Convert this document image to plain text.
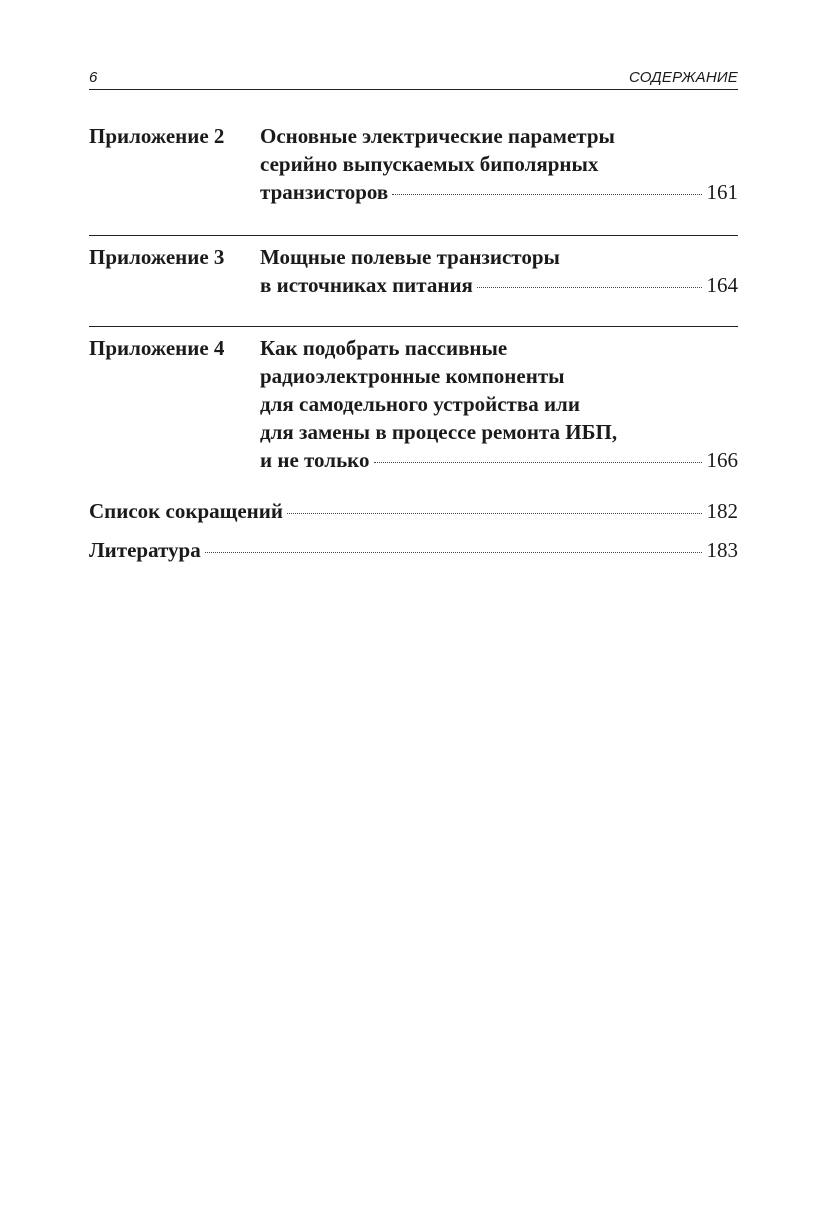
6	СОДЕРЖАНИЕ
Приложение 2 Основные электрические параметры
серийно выпускаемых биполярных
транзисторов	161
Приложение 3 Мощные полевые транзисторы
в источниках питания	164
Приложение 4 Как подобрать пассивные
радиоэлектронные компоненты
для самодельного устройства или
для замены в процессе ремонта ИБП,
и не только	166
Список сокращений	182
Литература	183
